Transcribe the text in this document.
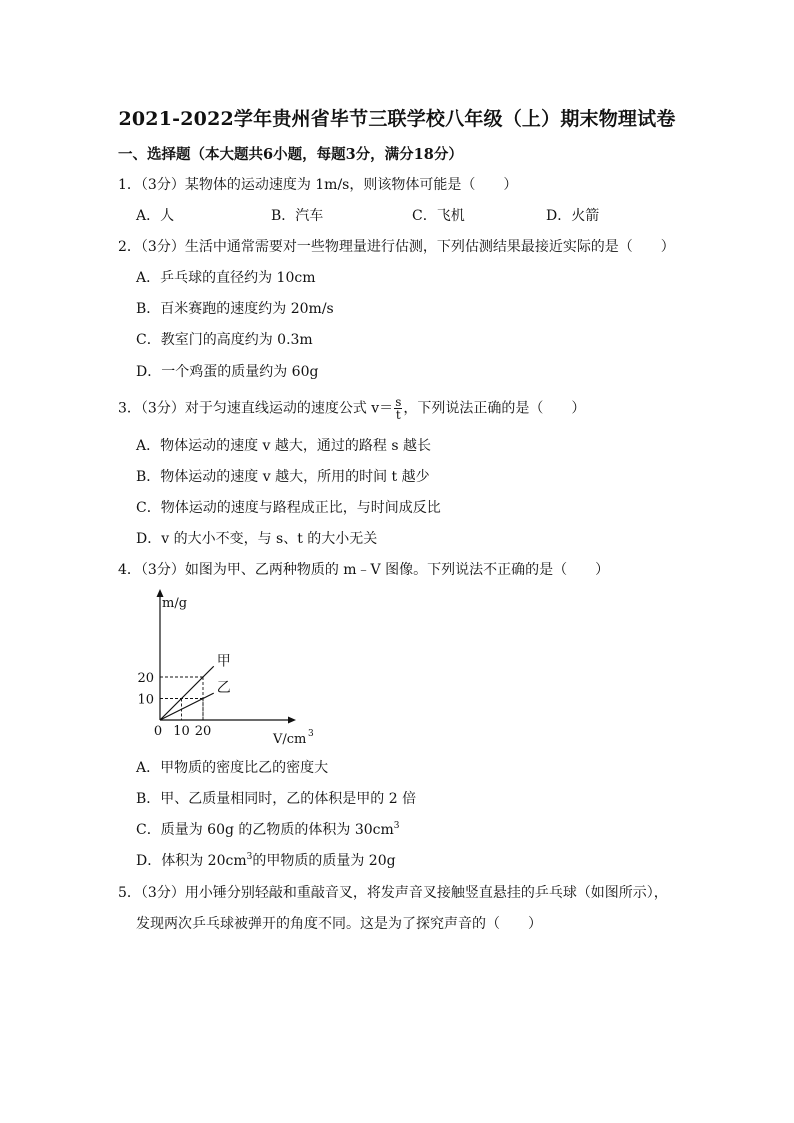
2021-2022学年贵州省毕节三联学校八年级（上）期末物理试卷
一、选择题（本大题共6小题，每题3分，满分18分）
1．（3分）某物体的运动速度为 1m/s，则该物体可能是（　　）
A．人	B．汽车	C．飞机	D．火箭
2．（3分）生活中通常需要对一些物理量进行估测，下列估测结果最接近实际的是（　　）
A．乒乓球的直径约为 10cm
B．百米赛跑的速度约为 20m/s
C．教室门的高度约为 0.3m
D．一个鸡蛋的质量约为 60g
3．（3分）对于匀速直线运动的速度公式 $v= \frac{s}{t}$ ，下列说法正确的是（　　）
A．物体运动的速度 v 越大，通过的路程 s 越长
B．物体运动的速度 v 越大，所用的时间 t 越少
C．物体运动的速度与路程成正比，与时间成反比
D．v 的大小不变，与 s、t 的大小无关
4．（3分）如图为甲、乙两种物质的 m﹣V 图像。下列说法不正确的是（　　）
甲
乙
0 10 20
10
20
m/g
V/cm 3
A．甲物质的密度比乙的密度大
B．甲、乙质量相同时，乙的体积是甲的 2 倍
C．质量为 60g 的乙物质的体积为 $30cm^3$
D．体积为 $20cm^3$的甲物质的质量为 20g
5．（3分）用小锤分别轻敲和重敲音叉，将发声音叉接触竖直悬挂的乒乓球（如图所示），
发现两次乒乓球被弹开的角度不同。这是为了探究声音的（　　）
